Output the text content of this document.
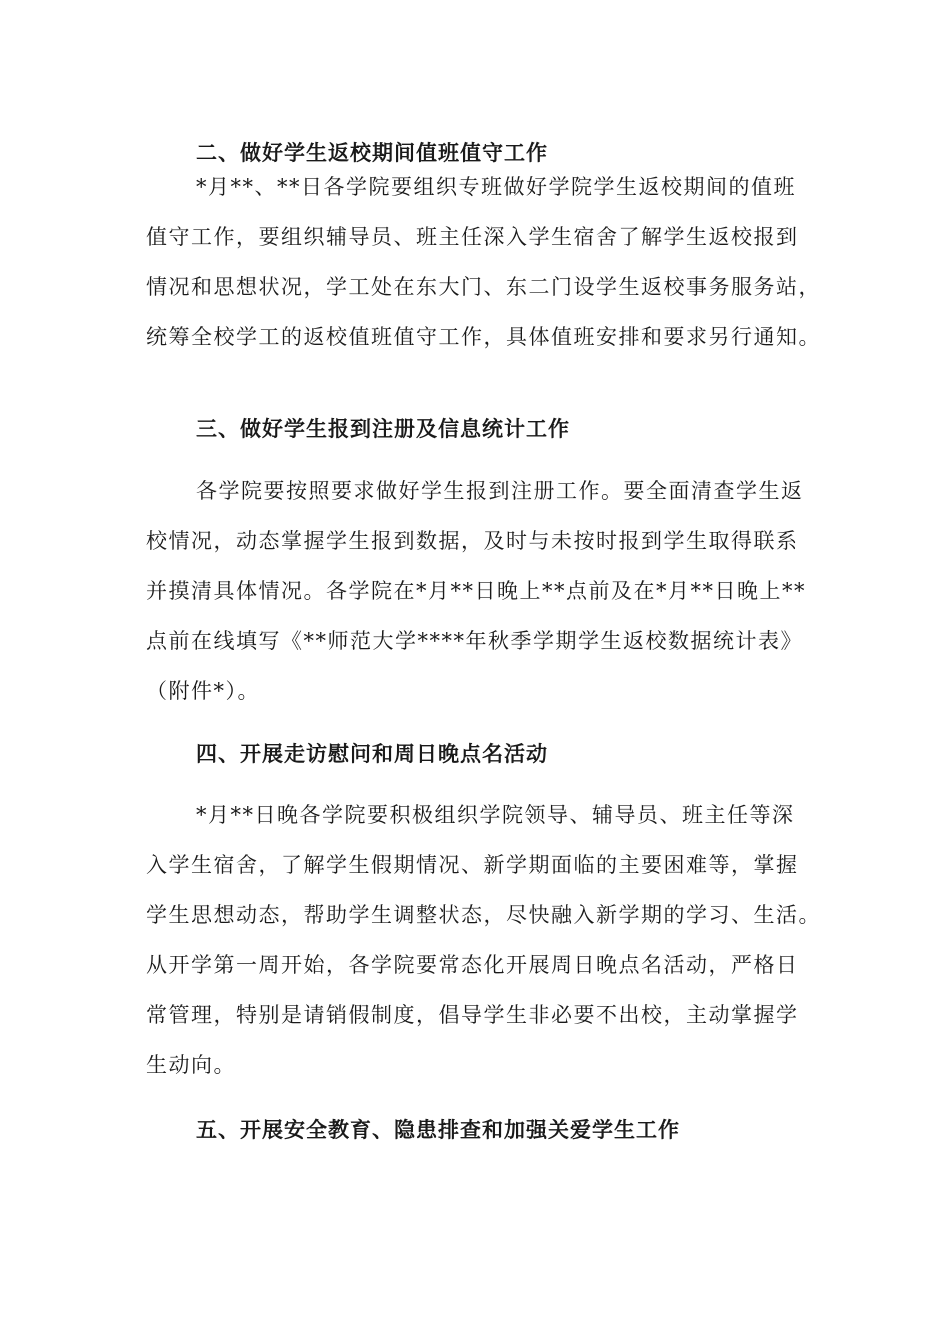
二、做好学生返校期间值班值守工作
*月**、**日各学院要组织专班做好学院学生返校期间的值班
值守工作，要组织辅导员、班主任深入学生宿舍了解学生返校报到
情况和思想状况，学工处在东大门、东二门设学生返校事务服务站，
统筹全校学工的返校值班值守工作，具体值班安排和要求另行通知。
三、做好学生报到注册及信息统计工作
各学院要按照要求做好学生报到注册工作。要全面清查学生返
校情况，动态掌握学生报到数据，及时与未按时报到学生取得联系
并摸清具体情况。各学院在*月**日晚上**点前及在*月**日晚上**
点前在线填写《**师范大学****年秋季学期学生返校数据统计表》
（附件*）。
四、开展走访慰问和周日晚点名活动
*月**日晚各学院要积极组织学院领导、辅导员、班主任等深
入学生宿舍，了解学生假期情况、新学期面临的主要困难等，掌握
学生思想动态，帮助学生调整状态，尽快融入新学期的学习、生活。
从开学第一周开始，各学院要常态化开展周日晚点名活动，严格日
常管理，特别是请销假制度，倡导学生非必要不出校，主动掌握学
生动向。
五、开展安全教育、隐患排查和加强关爱学生工作
